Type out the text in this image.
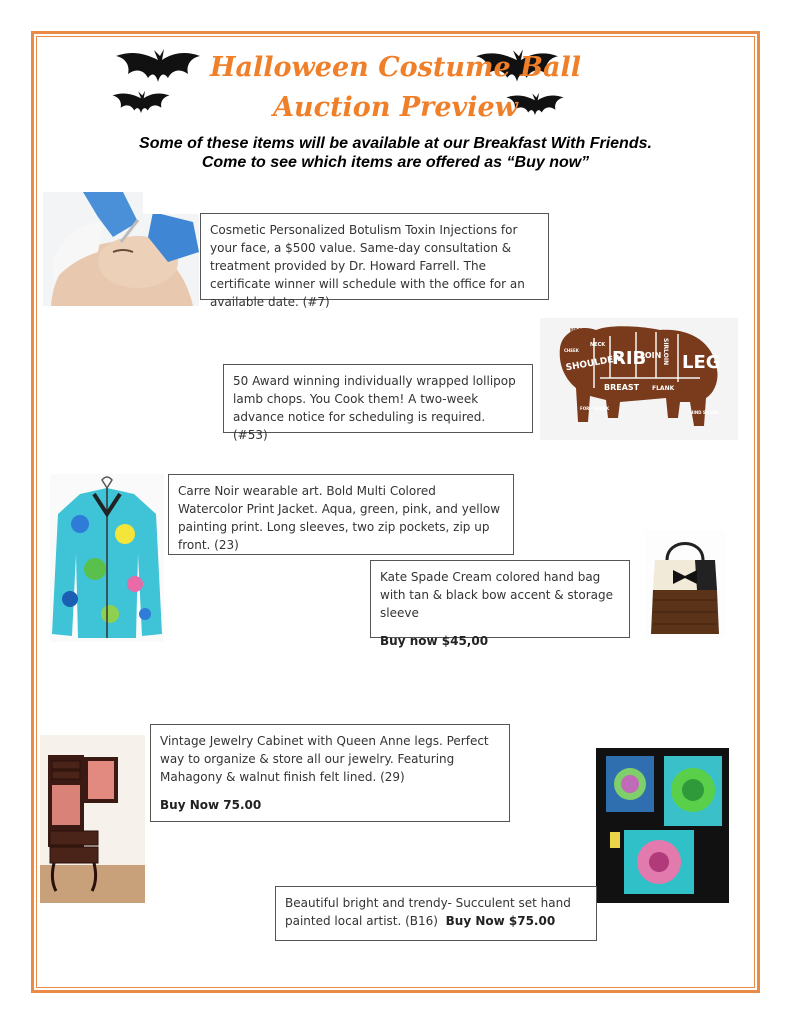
Halloween Costume Ball
Auction Preview
Some of these items will be available at our Breakfast With Friends.
Come to see which items are offered as “Buy now”

Cosmetic Personalized Botulism Toxin Injections for your face, a $500 value. Same-day consultation & treatment provided by Dr. Howard Farrell. The certificate winner will schedule with the office for an available date. (#7)

50 Award winning individually wrapped lollipop lamb chops. You Cook them! A two-week advance notice for scheduling is required. (#53)

HEAD
NECK
CHEEK
SHOULDER
RIB
LOIN SIRLOIN LEG
BREAST FLANK
FORE SHANK
HIND SHANK

Carre Noir wearable art. Bold Multi Colored Watercolor Print Jacket. Aqua, green, pink, and yellow painting print. Long sleeves, two zip pockets, zip up front. (23)

Kate Spade Cream colored hand bag with tan & black bow accent & storage sleeve

Buy now $45,00

Vintage Jewelry Cabinet with Queen Anne legs. Perfect way to organize & store all our jewelry. Featuring Mahagony & walnut finish felt lined. (29)

Buy Now 75.00

Beautiful bright and trendy- Succulent set hand painted local artist. (B16) Buy Now $75.00
